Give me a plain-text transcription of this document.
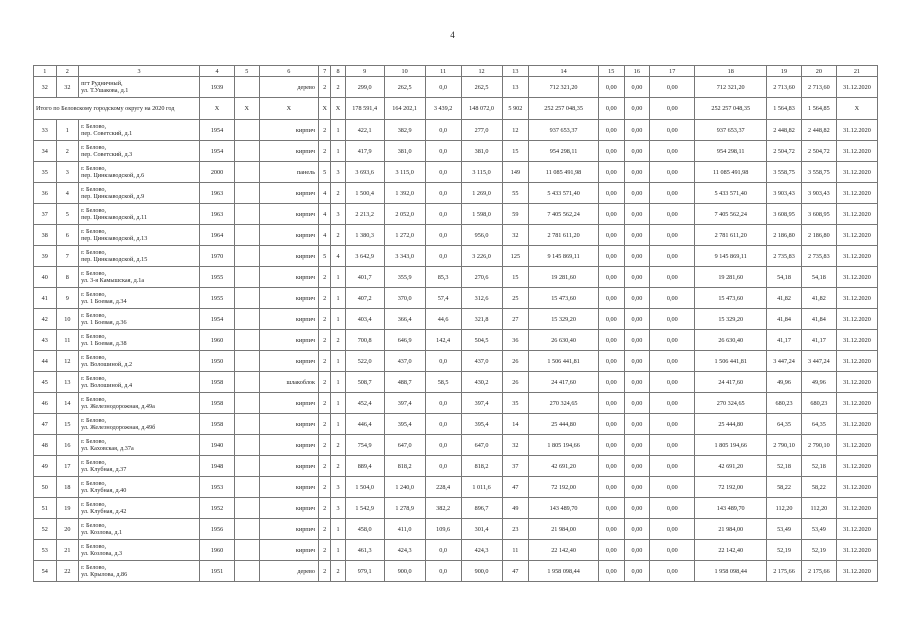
4
1	2	3	4	5	6	7	8	9	10	11	12	13	14	15	16	17	18	19	20	21
32	32	пгт Рудничный,
ул. Т.Ушакова, д.1	1939		дерево	2	2	299,0	262,5	0,0	262,5	13	712 321,20	0,00	0,00	0,00	712 321,20	2 713,60	2 713,60	31.12.2020
Итого по Беловскому городскому округу на 2020 год			X	X	X	X	X	178 591,4	164 202,1	3 439,2	148 072,0	5 902	252 257 048,35	0,00	0,00	0,00	252 257 048,35	1 564,83	1 564,85	X
33	1	г. Белово,
пер. Советский, д.1	1954		кирпич	2	1	422,1	382,9	0,0	277,0	12	937 653,37	0,00	0,00	0,00	937 653,37	2 448,82	2 448,82	31.12.2020
34	2	г. Белово,
пер. Советский, д.3	1954		кирпич	2	1	417,9	381,0	0,0	381,0	15	954 298,11	0,00	0,00	0,00	954 298,11	2 504,72	2 504,72	31.12.2020
35	3	г. Белово,
пер. Цинкзаводской, д.6	2000		панель	5	3	3 693,6	3 115,0	0,0	3 115,0	149	11 085 491,98	0,00	0,00	0,00	11 085 491,98	3 558,75	3 558,75	31.12.2020
36	4	г. Белово,
пер. Цинкзаводской, д.9	1963		кирпич	4	2	1 500,4	1 392,0	0,0	1 269,0	55	5 433 571,40	0,00	0,00	0,00	5 433 571,40	3 903,43	3 903,43	31.12.2020
37	5	г. Белово,
пер. Цинкзаводской, д.11	1963		кирпич	4	3	2 213,2	2 052,0	0,0	1 598,0	59	7 405 562,24	0,00	0,00	0,00	7 405 562,24	3 608,95	3 608,95	31.12.2020
38	6	г. Белово,
пер. Цинкзаводской, д.13	1964		кирпич	4	2	1 380,3	1 272,0	0,0	956,0	32	2 781 611,20	0,00	0,00	0,00	2 781 611,20	2 186,80	2 186,80	31.12.2020
39	7	г. Белово,
пер. Цинкзаводской, д.15	1970		кирпич	5	4	3 642,9	3 343,0	0,0	3 226,0	125	9 145 869,11	0,00	0,00	0,00	9 145 869,11	2 735,83	2 735,83	31.12.2020
40	8	г. Белово,
ул. 3-я Камышская, д.1а	1955		кирпич	2	1	401,7	355,9	85,3	270,6	15	19 281,60	0,00	0,00	0,00	19 281,60	54,18	54,18	31.12.2020
41	9	г. Белово,
ул. 1 Боевая, д.34	1955		кирпич	2	1	407,2	370,0	57,4	312,6	25	15 473,60	0,00	0,00	0,00	15 473,60	41,82	41,82	31.12.2020
42	10	г. Белово,
ул. 1 Боевая, д.36	1954		кирпич	2	1	403,4	366,4	44,6	321,8	27	15 329,20	0,00	0,00	0,00	15 329,20	41,84	41,84	31.12.2020
43	11	г. Белово,
ул. 1 Боевая, д.38	1960		кирпич	2	2	700,8	646,9	142,4	504,5	36	26 630,40	0,00	0,00	0,00	26 630,40	41,17	41,17	31.12.2020
44	12	г. Белово,
ул. Волошиной, д.2	1950		кирпич	2	1	522,0	437,0	0,0	437,0	26	1 506 441,81	0,00	0,00	0,00	1 506 441,81	3 447,24	3 447,24	31.12.2020
45	13	г. Белово,
ул. Волошиной, д.4	1958		шлакоблок	2	1	508,7	488,7	58,5	430,2	26	24 417,60	0,00	0,00	0,00	24 417,60	49,96	49,96	31.12.2020
46	14	г. Белово,
ул. Железнодорожная, д.49а	1958		кирпич	2	1	452,4	397,4	0,0	397,4	35	270 324,65	0,00	0,00	0,00	270 324,65	680,23	680,23	31.12.2020
47	15	г. Белово,
ул. Железнодорожная, д.49б	1958		кирпич	2	1	446,4	395,4	0,0	395,4	14	25 444,80	0,00	0,00	0,00	25 444,80	64,35	64,35	31.12.2020
48	16	г. Белово,
ул. Каховская, д.37а	1940		кирпич	2	2	754,9	647,0	0,0	647,0	32	1 805 194,66	0,00	0,00	0,00	1 805 194,66	2 790,10	2 790,10	31.12.2020
49	17	г. Белово,
ул. Клубная, д.37	1948		кирпич	2	2	889,4	818,2	0,0	818,2	37	42 691,20	0,00	0,00	0,00	42 691,20	52,18	52,18	31.12.2020
50	18	г. Белово,
ул. Клубная, д.40	1953		кирпич	2	3	1 504,0	1 240,0	228,4	1 011,6	47	72 192,00	0,00	0,00	0,00	72 192,00	58,22	58,22	31.12.2020
51	19	г. Белово,
ул. Клубная, д.42	1952		кирпич	2	3	1 542,9	1 278,9	382,2	896,7	49	143 489,70	0,00	0,00	0,00	143 489,70	112,20	112,20	31.12.2020
52	20	г. Белово,
ул. Козлова, д.1	1956		кирпич	2	1	458,0	411,0	109,6	301,4	23	21 984,00	0,00	0,00	0,00	21 984,00	53,49	53,49	31.12.2020
53	21	г. Белово,
ул. Козлова, д.3	1960		кирпич	2	1	461,3	424,3	0,0	424,3	11	22 142,40	0,00	0,00	0,00	22 142,40	52,19	52,19	31.12.2020
54	22	г. Белово,
ул. Крылова, д.86	1951		дерево	2	2	979,1	900,0	0,0	900,0	47	1 958 098,44	0,00	0,00	0,00	1 958 098,44	2 175,66	2 175,66	31.12.2020
